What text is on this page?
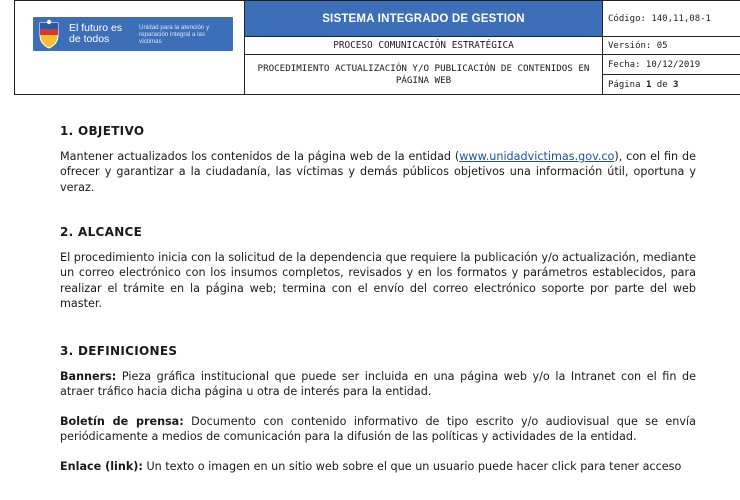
El futuro es de todos
Unidad para la atención y reparación integral a las víctimas
SISTEMA INTEGRADO DE GESTION	Código: 140,11,08-1
PROCESO COMUNICACIÓN ESTRATÉGICA	Versión: 05
PROCEDIMIENTO ACTUALIZACIÓN Y/O PUBLICACIÓN DE CONTENIDOS EN PÁGINA WEB
Fecha: 10/12/2019
Página
1
de
3
1. OBJETIVO

Mantener actualizados los contenidos de la página web de la entidad (www.unidadvictimas.gov.co), con el fin de ofrecer y garantizar a la ciudadanía, las víctimas y demás públicos objetivos una información útil, oportuna y veraz.

2. ALCANCE

El procedimiento inicia con la solicitud de la dependencia que requiere la publicación y/o actualización, mediante un correo electrónico con los insumos completos, revisados y en los formatos y parámetros establecidos, para realizar el trámite en la página web; termina con el envío del correo electrónico soporte por parte del web master.

3. DEFINICIONES

Banners: Pieza gráfica institucional que puede ser incluida en una página web y/o la Intranet con el fin de atraer tráfico hacia dicha página u otra de interés para la entidad.

Boletín de prensa: Documento con contenido informativo de tipo escrito y/o audiovisual que se envía periódicamente a medios de comunicación para la difusión de las políticas y actividades de la entidad.

Enlace (link): Un texto o imagen en un sitio web sobre el que un usuario puede hacer click para tener acceso
